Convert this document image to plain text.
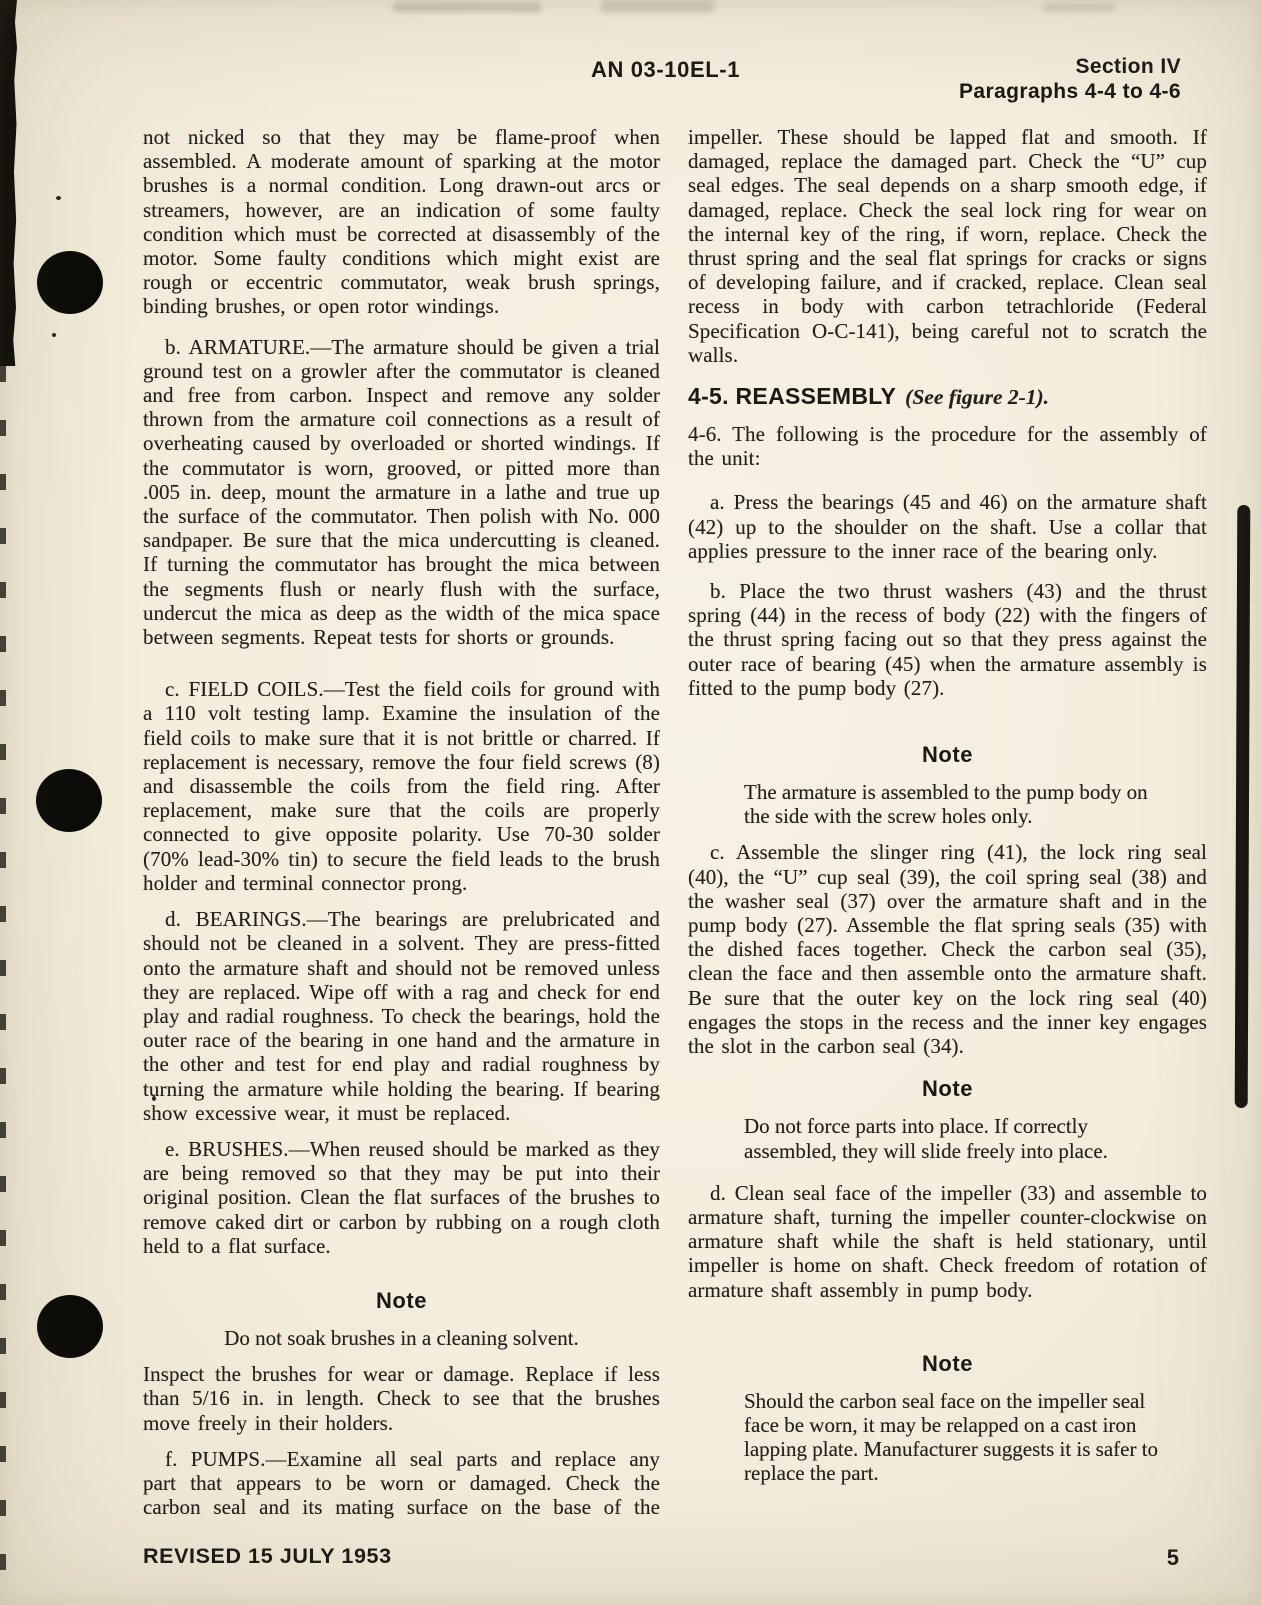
AN 03-10EL-1	Section IV
Paragraphs 4-4 to 4-6

not nicked so that they may be flame-proof when assembled. A moderate amount of sparking at the motor brushes is a normal condition. Long drawn-out arcs or streamers, however, are an indication of some faulty condition which must be corrected at disassembly of the motor. Some faulty conditions which might exist are rough or eccentric commutator, weak brush springs, binding brushes, or open rotor windings.

b. ARMATURE.—The armature should be given a trial ground test on a growler after the commutator is cleaned and free from carbon. Inspect and remove any solder thrown from the armature coil connections as a result of overheating caused by overloaded or shorted windings. If the commutator is worn, grooved, or pitted more than .005 in. deep, mount the armature in a lathe and true up the surface of the commutator. Then polish with No. 000 sandpaper. Be sure that the mica undercutting is cleaned. If turning the commutator has brought the mica between the segments flush or nearly flush with the surface, undercut the mica as deep as the width of the mica space between segments. Repeat tests for shorts or grounds.

c. FIELD COILS.—Test the field coils for ground with a 110 volt testing lamp. Examine the insulation of the field coils to make sure that it is not brittle or charred. If replacement is necessary, remove the four field screws (8) and disassemble the coils from the field ring. After replacement, make sure that the coils are properly connected to give opposite polarity. Use 70-30 solder (70% lead-30% tin) to secure the field leads to the brush holder and terminal connector prong.

d. BEARINGS.—The bearings are prelubricated and should not be cleaned in a solvent. They are press-fitted onto the armature shaft and should not be removed unless they are replaced. Wipe off with a rag and check for end play and radial roughness. To check the bearings, hold the outer race of the bearing in one hand and the armature in the other and test for end play and radial roughness by turning the armature while holding the bearing. If bearing show excessive wear, it must be replaced.

e. BRUSHES.—When reused should be marked as they are being removed so that they may be put into their original position. Clean the flat surfaces of the brushes to remove caked dirt or carbon by rubbing on a rough cloth held to a flat surface.

Note

Do not soak brushes in a cleaning solvent.

Inspect the brushes for wear or damage. Replace if less than 5/16 in. in length. Check to see that the brushes move freely in their holders.

f. PUMPS.—Examine all seal parts and replace any part that appears to be worn or damaged. Check the carbon seal and its mating surface on the base of the

impeller. These should be lapped flat and smooth. If damaged, replace the damaged part. Check the “U” cup seal edges. The seal depends on a sharp smooth edge, if damaged, replace. Check the seal lock ring for wear on the internal key of the ring, if worn, replace. Check the thrust spring and the seal flat springs for cracks or signs of developing failure, and if cracked, replace. Clean seal recess in body with carbon tetrachloride (Federal Specification O-C-141), being careful not to scratch the walls.

4-5. REASSEMBLY (See figure 2-1).

4-6. The following is the procedure for the assembly of the unit:

a. Press the bearings (45 and 46) on the armature shaft (42) up to the shoulder on the shaft. Use a collar that applies pressure to the inner race of the bearing only.

b. Place the two thrust washers (43) and the thrust spring (44) in the recess of body (22) with the fingers of the thrust spring facing out so that they press against the outer race of bearing (45) when the armature assembly is fitted to the pump body (27).

Note

The armature is assembled to the pump body on the side with the screw holes only.

c. Assemble the slinger ring (41), the lock ring seal (40), the “U” cup seal (39), the coil spring seal (38) and the washer seal (37) over the armature shaft and in the pump body (27). Assemble the flat spring seals (35) with the dished faces together. Check the carbon seal (35), clean the face and then assemble onto the armature shaft. Be sure that the outer key on the lock ring seal (40) engages the stops in the recess and the inner key engages the slot in the carbon seal (34).

Note

Do not force parts into place. If correctly assembled, they will slide freely into place.

d. Clean seal face of the impeller (33) and assemble to armature shaft, turning the impeller counter-clockwise on armature shaft while the shaft is held stationary, until impeller is home on shaft. Check freedom of rotation of armature shaft assembly in pump body.

Note

Should the carbon seal face on the impeller seal face be worn, it may be relapped on a cast iron lapping plate. Manufacturer suggests it is safer to replace the part.

REVISED 15 JULY 1953	5
